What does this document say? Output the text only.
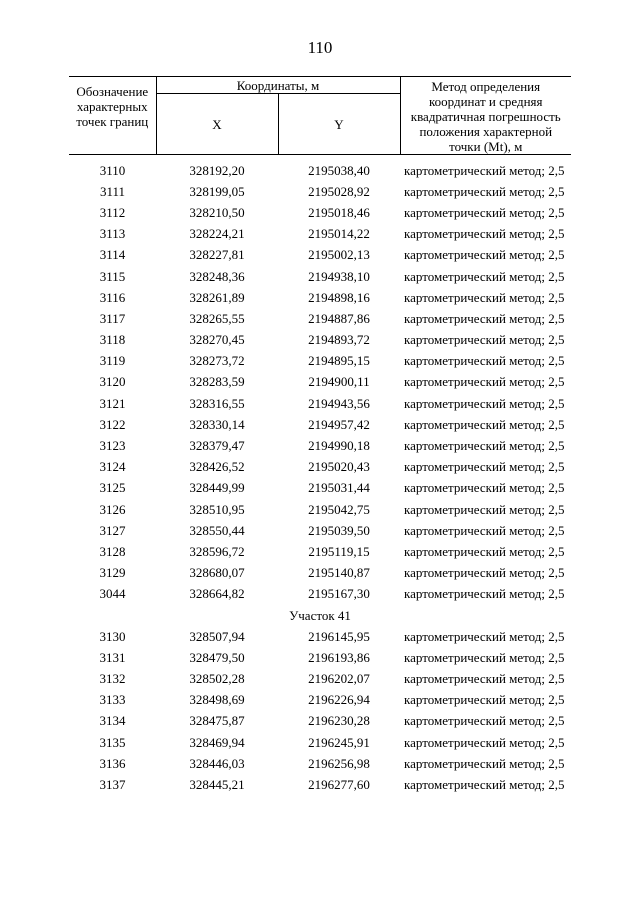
110
Обозначение характерных точек границ	Координаты, м		Метод определения координат и средняя квадратичная погрешность положения характерной точки (Mt), м
	X	Y	

3110	328192,20	2195038,40	картометрический метод; 2,5
3111	328199,05	2195028,92	картометрический метод; 2,5
3112	328210,50	2195018,46	картометрический метод; 2,5
3113	328224,21	2195014,22	картометрический метод; 2,5
3114	328227,81	2195002,13	картометрический метод; 2,5
3115	328248,36	2194938,10	картометрический метод; 2,5
3116	328261,89	2194898,16	картометрический метод; 2,5
3117	328265,55	2194887,86	картометрический метод; 2,5
3118	328270,45	2194893,72	картометрический метод; 2,5
3119	328273,72	2194895,15	картометрический метод; 2,5
3120	328283,59	2194900,11	картометрический метод; 2,5
3121	328316,55	2194943,56	картометрический метод; 2,5
3122	328330,14	2194957,42	картометрический метод; 2,5
3123	328379,47	2194990,18	картометрический метод; 2,5
3124	328426,52	2195020,43	картометрический метод; 2,5
3125	328449,99	2195031,44	картометрический метод; 2,5
3126	328510,95	2195042,75	картометрический метод; 2,5
3127	328550,44	2195039,50	картометрический метод; 2,5
3128	328596,72	2195119,15	картометрический метод; 2,5
3129	328680,07	2195140,87	картометрический метод; 2,5
3044	328664,82	2195167,30	картометрический метод; 2,5
Участок 41			
3130	328507,94	2196145,95	картометрический метод; 2,5
3131	328479,50	2196193,86	картометрический метод; 2,5
3132	328502,28	2196202,07	картометрический метод; 2,5
3133	328498,69	2196226,94	картометрический метод; 2,5
3134	328475,87	2196230,28	картометрический метод; 2,5
3135	328469,94	2196245,91	картометрический метод; 2,5
3136	328446,03	2196256,98	картометрический метод; 2,5
3137	328445,21	2196277,60	картометрический метод; 2,5
